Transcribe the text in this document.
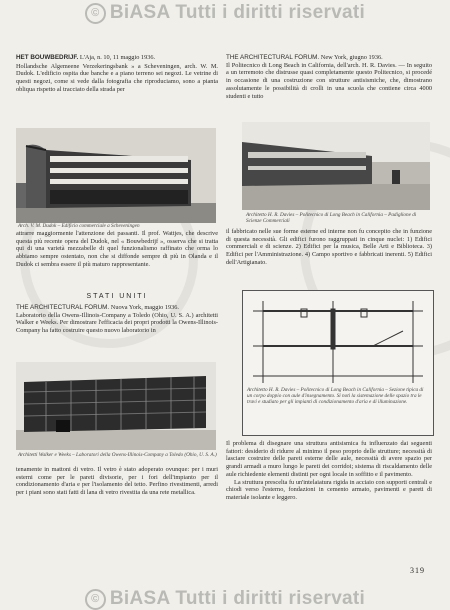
© BiASA Tutti i diritti riservati
© BiASA Tutti i diritti riservati

HET BOUWBEDRIJF. L'Aja, n. 10, 11 maggio 1936.

Hollandsche Algemeene Verzekeringsbank » a Scheveningen, arch. W. M. Dudok. L'edificio ospita due banche e a piano terreno sei negozi. Le vetrine di questi negozi, come si vede dalla fotografia che riproduciamo, sono a pianta obliqua rispetto al tracciato della strada per

Arch. V. M. Dudok – Edificio commerciale a Scheveningen

attrarre maggiormente l'attenzione dei passanti. Il prof. Wattjes, che descrive questa più recente opera del Dudok, nel « Bouwbedrijf », osserva che si tratta qui di una varietà mezzabelle di quel funzionalismo raffinato che orma lo abbiamo sempre ostentato, non che si diffonde sempre di più in Olanda e il Dudok ci sembra essere il più maturo rappresentante.

STATI UNITI

THE ARCHITECTURAL FORUM. Nuova York, maggio 1936.

Laboratorio della Owens-Illinois-Company a Toledo (Ohio, U. S. A.) architetti Walker e Weeks. Per dimostrare l'efficacia dei propri prodotti la Owens-Illinois-Company ha fatto costruire questo nuovo laboratorio in

Architetti Walker e Weeks – Laboratori della Owens-Illinois-Company a Toledo (Ohio, U. S. A.)

tenamente in mattoni di vetro. Il vetro è stato adoperato ovunque: per i muri esterni come per le pareti divisorie, per i fori dell'impianto per il condizionamento d'aria e per l'isolamento del tetto. Perfino rivestimenti, arredi per i piani sono stati fatti di lana di vetro rivestita da una rete metallica.

THE ARCHITECTURAL FORUM. New York, giugno 1936.

Il Politecnico di Long Beach in California, dell'arch. H. R. Davies. — In seguito a un terremoto che distrusse quasi completamente questo Politecnico, si procedé in occasione di una costruzione con strutture antisismiche, che, dimostrano assolutamente le possibilità di crolli in una scuola che contiene circa 4000 studenti e tutto

Architetto H. R. Davies – Politecnico di Long Beach in California – Padiglione di Scienze Commerciali

il fabbricato nelle sue forme esterne ed interne non fu concepito che in funzione di questa necessità. Gli edifici furono raggruppati in cinque nuclei: 1) Edifici commerciali e di scienze. 2) Edifici per la musica, Belle Arti e Biblioteca. 3) Edifici per l'Amministrazione. 4) Campo sportivo e fabbricati inerenti. 5) Edifici dell'Artigianato.

Architetto H. R. Davies – Politecnico di Long Beach in California – Sezione tipica di un corpo doppio con aule d'insegnamento. Si noti la sistemazione delle spazio tra le travi e studiato per gli impianti di condizionamento d'aria e di illuminazione.

Il problema di disegnare una struttura antisismica fu influenzato dai seguenti fattori: desiderio di ridurre al minimo il peso proprio delle strutture; necessità di lasciare costruire delle pareti esterne delle aule, necessità di avere spazio per grandi armadi a muro lungo le pareti dei corridoi; sistema di riscaldamento delle aule richiedente elementi distinti per ogni locale in soffitto e il pavimento.

La struttura prescelta fu un'intelaiatura rigida in acciaio con supporti centrali e chiodi verso l'esterno, fondazioni in cemento armato, pavimenti e pareti di materiale isolante e leggero.

319
